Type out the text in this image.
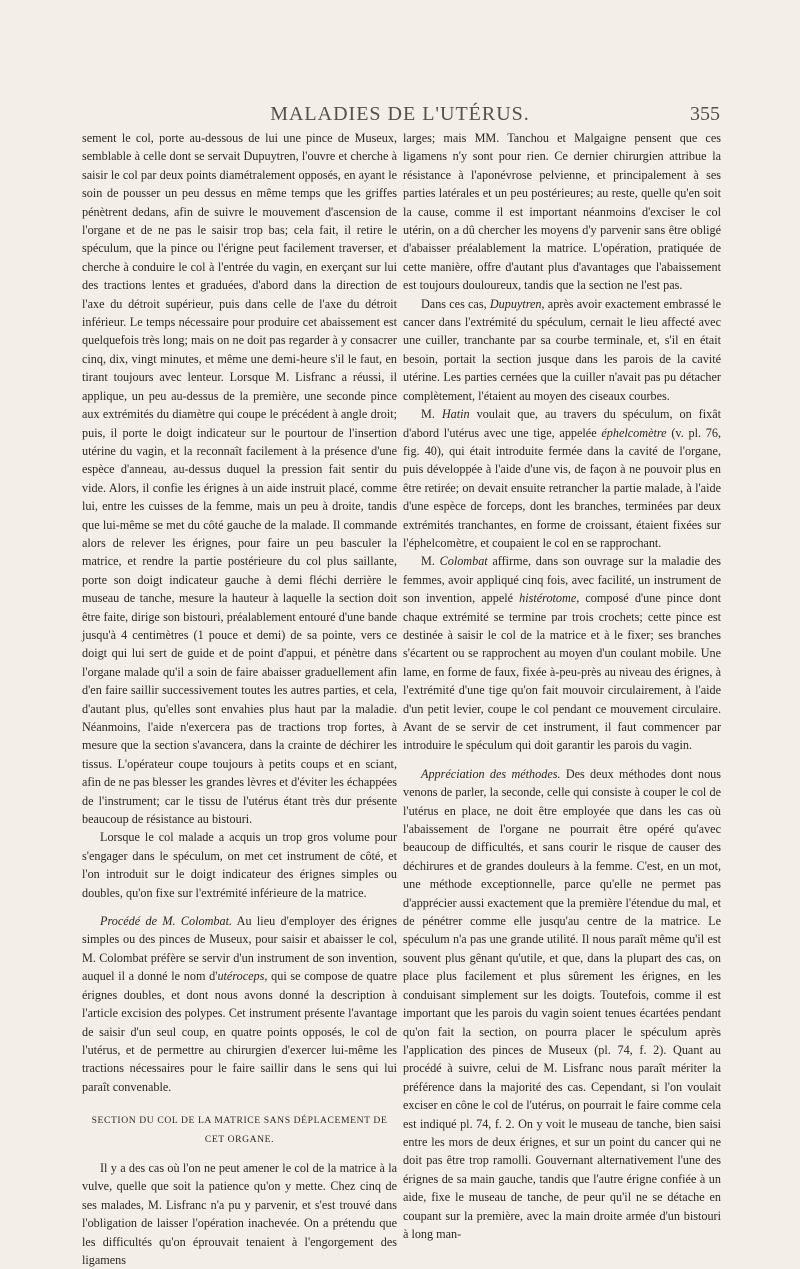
MALADIES DE L'UTÉRUS.	355

sement le col, porte au-dessous de lui une pince de Museux, semblable à celle dont se servait Dupuytren, l'ouvre et cherche à saisir le col par deux points diamétralement opposés, en ayant le soin de pousser un peu dessus en même temps que les griffes pénètrent dedans, afin de suivre le mouvement d'ascension de l'organe et de ne pas le saisir trop bas; cela fait, il retire le spéculum, que la pince ou l'érigne peut facilement traverser, et cherche à conduire le col à l'entrée du vagin, en exerçant sur lui des tractions lentes et graduées, d'abord dans la direction de l'axe du détroit supérieur, puis dans celle de l'axe du détroit inférieur. Le temps nécessaire pour produire cet abaissement est quelquefois très long; mais on ne doit pas regarder à y consacrer cinq, dix, vingt minutes, et même une demi-heure s'il le faut, en tirant toujours avec lenteur. Lorsque M. Lisfranc a réussi, il applique, un peu au-dessus de la première, une seconde pince aux extrémités du diamètre qui coupe le précédent à angle droit; puis, il porte le doigt indicateur sur le pourtour de l'insertion utérine du vagin, et la reconnaît facilement à la présence d'une espèce d'anneau, au-dessus duquel la pression fait sentir du vide. Alors, il confie les érignes à un aide instruit placé, comme lui, entre les cuisses de la femme, mais un peu à droite, tandis que lui-même se met du côté gauche de la malade. Il commande alors de relever les érignes, pour faire un peu basculer la matrice, et rendre la partie postérieure du col plus saillante, porte son doigt indicateur gauche à demi fléchi derrière le museau de tanche, mesure la hauteur à laquelle la section doit être faite, dirige son bistouri, préalablement entouré d'une bande jusqu'à 4 centimètres (1 pouce et demi) de sa pointe, vers ce doigt qui lui sert de guide et de point d'appui, et pénètre dans l'organe malade qu'il a soin de faire abaisser graduellement afin d'en faire saillir successivement toutes les autres parties, et cela, d'autant plus, qu'elles sont envahies plus haut par la maladie. Néanmoins, l'aide n'exercera pas de tractions trop fortes, à mesure que la section s'avancera, dans la crainte de déchirer les tissus. L'opérateur coupe toujours à petits coups et en sciant, afin de ne pas blesser les grandes lèvres et d'éviter les échappées de l'instrument; car le tissu de l'utérus étant très dur présente beaucoup de résistance au bistouri.

Lorsque le col malade a acquis un trop gros volume pour s'engager dans le spéculum, on met cet instrument de côté, et l'on introduit sur le doigt indicateur des érignes simples ou doubles, qu'on fixe sur l'extrémité inférieure de la matrice.

Procédé de M. Colombat. Au lieu d'employer des érignes simples ou des pinces de Museux, pour saisir et abaisser le col, M. Colombat préfère se servir d'un instrument de son invention, auquel il a donné le nom d'utéroceps, qui se compose de quatre érignes doubles, et dont nous avons donné la description à l'article excision des polypes. Cet instrument présente l'avantage de saisir d'un seul coup, en quatre points opposés, le col de l'utérus, et de permettre au chirurgien d'exercer lui-même les tractions nécessaires pour le faire saillir dans le sens qui lui paraît convenable.

SECTION DU COL DE LA MATRICE SANS DÉPLACEMENT DE CET ORGANE.

Il y a des cas où l'on ne peut amener le col de la matrice à la vulve, quelle que soit la patience qu'on y mette. Chez cinq de ses malades, M. Lisfranc n'a pu y parvenir, et s'est trouvé dans l'obligation de laisser l'opération inachevée. On a prétendu que les difficultés qu'on éprouvait tenaient à l'engorgement des ligamens

larges; mais MM. Tanchou et Malgaigne pensent que ces ligamens n'y sont pour rien. Ce dernier chirurgien attribue la résistance à l'aponévrose pelvienne, et principalement à ses parties latérales et un peu postérieures; au reste, quelle qu'en soit la cause, comme il est important néanmoins d'exciser le col utérin, on a dû chercher les moyens d'y parvenir sans être obligé d'abaisser préalablement la matrice. L'opération, pratiquée de cette manière, offre d'autant plus d'avantages que l'abaissement est toujours douloureux, tandis que la section ne l'est pas.

Dans ces cas, Dupuytren, après avoir exactement embrassé le cancer dans l'extrémité du spéculum, cernait le lieu affecté avec une cuiller, tranchante par sa courbe terminale, et, s'il en était besoin, portait la section jusque dans les parois de la cavité utérine. Les parties cernées que la cuiller n'avait pas pu détacher complètement, l'étaient au moyen des ciseaux courbes.

M. Hatin voulait que, au travers du spéculum, on fixât d'abord l'utérus avec une tige, appelée éphelcomètre (v. pl. 76, fig. 40), qui était introduite fermée dans la cavité de l'organe, puis développée à l'aide d'une vis, de façon à ne pouvoir plus en être retirée; on devait ensuite retrancher la partie malade, à l'aide d'une espèce de forceps, dont les branches, terminées par deux extrémités tranchantes, en forme de croissant, étaient fixées sur l'éphelcomètre, et coupaient le col en se rapprochant.

M. Colombat affirme, dans son ouvrage sur la maladie des femmes, avoir appliqué cinq fois, avec facilité, un instrument de son invention, appelé histérotome, composé d'une pince dont chaque extrémité se termine par trois crochets; cette pince est destinée à saisir le col de la matrice et à le fixer; ses branches s'écartent ou se rapprochent au moyen d'un coulant mobile. Une lame, en forme de faux, fixée à-peu-près au niveau des érignes, à l'extrémité d'une tige qu'on fait mouvoir circulairement, à l'aide d'un petit levier, coupe le col pendant ce mouvement circulaire. Avant de se servir de cet instrument, il faut commencer par introduire le spéculum qui doit garantir les parois du vagin.

Appréciation des méthodes. Des deux méthodes dont nous venons de parler, la seconde, celle qui consiste à couper le col de l'utérus en place, ne doit être employée que dans les cas où l'abaissement de l'organe ne pourrait être opéré qu'avec beaucoup de difficultés, et sans courir le risque de causer des déchirures et de grandes douleurs à la femme. C'est, en un mot, une méthode exceptionnelle, parce qu'elle ne permet pas d'apprécier aussi exactement que la première l'étendue du mal, et de pénétrer comme elle jusqu'au centre de la matrice. Le spéculum n'a pas une grande utilité. Il nous paraît même qu'il est souvent plus gênant qu'utile, et que, dans la plupart des cas, on place plus facilement et plus sûrement les érignes, en les conduisant simplement sur les doigts. Toutefois, comme il est important que les parois du vagin soient tenues écartées pendant qu'on fait la section, on pourra placer le spéculum après l'application des pinces de Museux (pl. 74, f. 2). Quant au procédé à suivre, celui de M. Lisfranc nous paraît mériter la préférence dans la majorité des cas. Cependant, si l'on voulait exciser en cône le col de l'utérus, on pourrait le faire comme cela est indiqué pl. 74, f. 2. On y voit le museau de tanche, bien saisi entre les mors de deux érignes, et sur un point du cancer qui ne doit pas être trop ramolli. Gouvernant alternativement l'une des érignes de sa main gauche, tandis que l'autre érigne confiée à un aide, fixe le museau de tanche, de peur qu'il ne se détache en coupant sur la première, avec la main droite armée d'un bistouri à long man-
